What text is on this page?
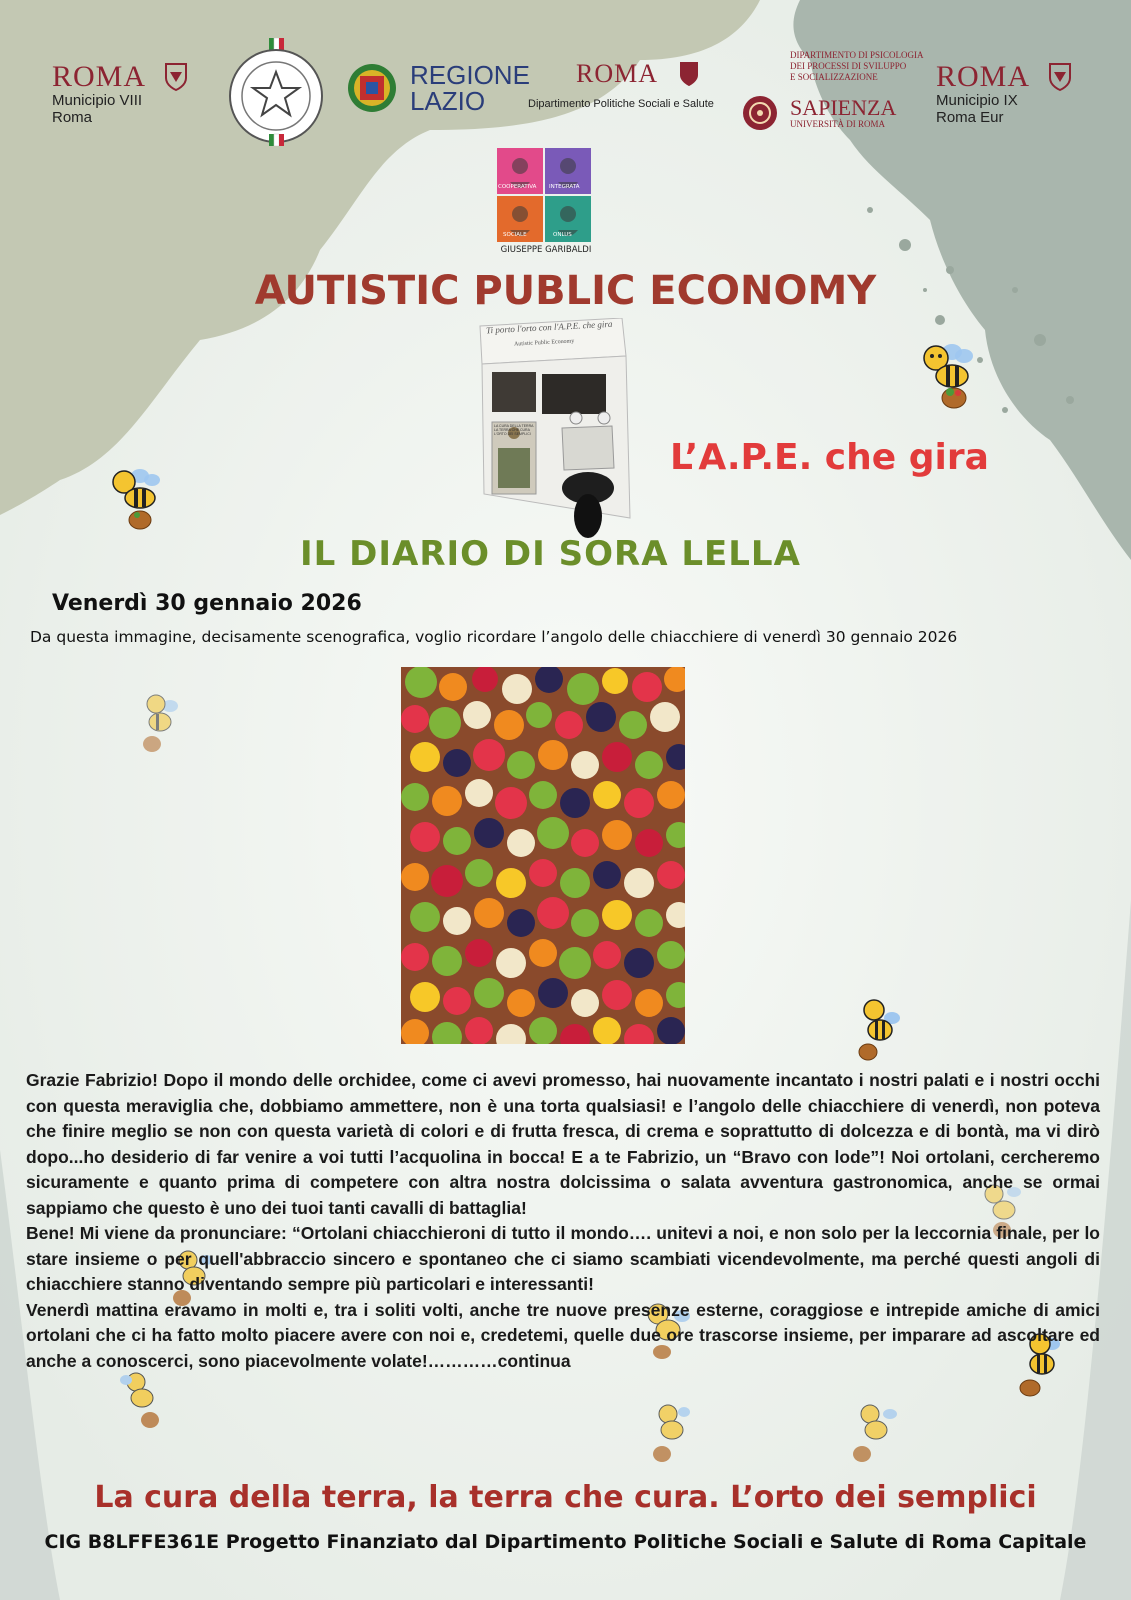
ROMA
Municipio VIII
Roma
REGIONE
LAZIO
ROMA
Dipartimento Politiche Sociali e Salute
DIPARTIMENTO DI PSICOLOGIA
DEI PROCESSI DI SVILUPPO
E SOCIALIZZAZIONE
SAPIENZA
UNIVERSITÀ DI ROMA
ROMA
Municipio IX
Roma Eur
COOPERATIVA INTEGRATA
SOCIALE	ONLUS
GIUSEPPE GARIBALDI
AUTISTIC PUBLIC ECONOMY
Ti porto l'orto con l'A.P.E. che gira
Autistic Public Economy
LA CURA DELLA TERRA LA TERRA CHE CURA L'ORTO DEI SEMPLICI
L’A.P.E. che gira
IL DIARIO DI SORA LELLA
Venerdì 30 gennaio 2026
Da questa immagine, decisamente scenografica, voglio ricordare l’angolo delle chiacchiere di venerdì 30 gennaio 2026

Grazie Fabrizio! Dopo il mondo delle orchidee, come ci avevi promesso, hai nuovamente incantato i nostri palati e i nostri occhi con questa meraviglia che, dobbiamo ammettere, non è una torta qualsiasi! e l’angolo delle chiacchiere di venerdì, non poteva che finire meglio se non con questa varietà di colori e di frutta fresca, di crema e soprattutto di dolcezza e di bontà, ma vi dirò dopo...ho desiderio di far venire a voi tutti l’acquolina in bocca! E a te Fabrizio, un “Bravo con lode”! Noi ortolani, cercheremo sicuramente e quanto prima di competere con altra nostra dolcissima o salata avventura gastronomica, anche se ormai sappiamo che questo è uno dei tuoi tanti cavalli di battaglia!

Bene! Mi viene da pronunciare: “Ortolani chiacchieroni di tutto il mondo…. unitevi a noi, e non solo per la leccornia finale, per lo stare insieme o per quell'abbraccio sincero e spontaneo che ci siamo scambiati vicendevolmente, ma perché questi angoli di chiacchiere stanno diventando sempre più particolari e interessanti!

Venerdì mattina eravamo in molti e, tra i soliti volti, anche tre nuove presenze esterne, coraggiose e intrepide amiche di amici ortolani che ci ha fatto molto piacere avere con noi e, credetemi, quelle due ore trascorse insieme, per imparare ad ascoltare ed anche a conoscerci, sono piacevolmente volate!…………continua

La cura della terra, la terra che cura. L’orto dei semplici
CIG B8LFFE361E Progetto Finanziato dal Dipartimento Politiche Sociali e Salute di Roma Capitale
